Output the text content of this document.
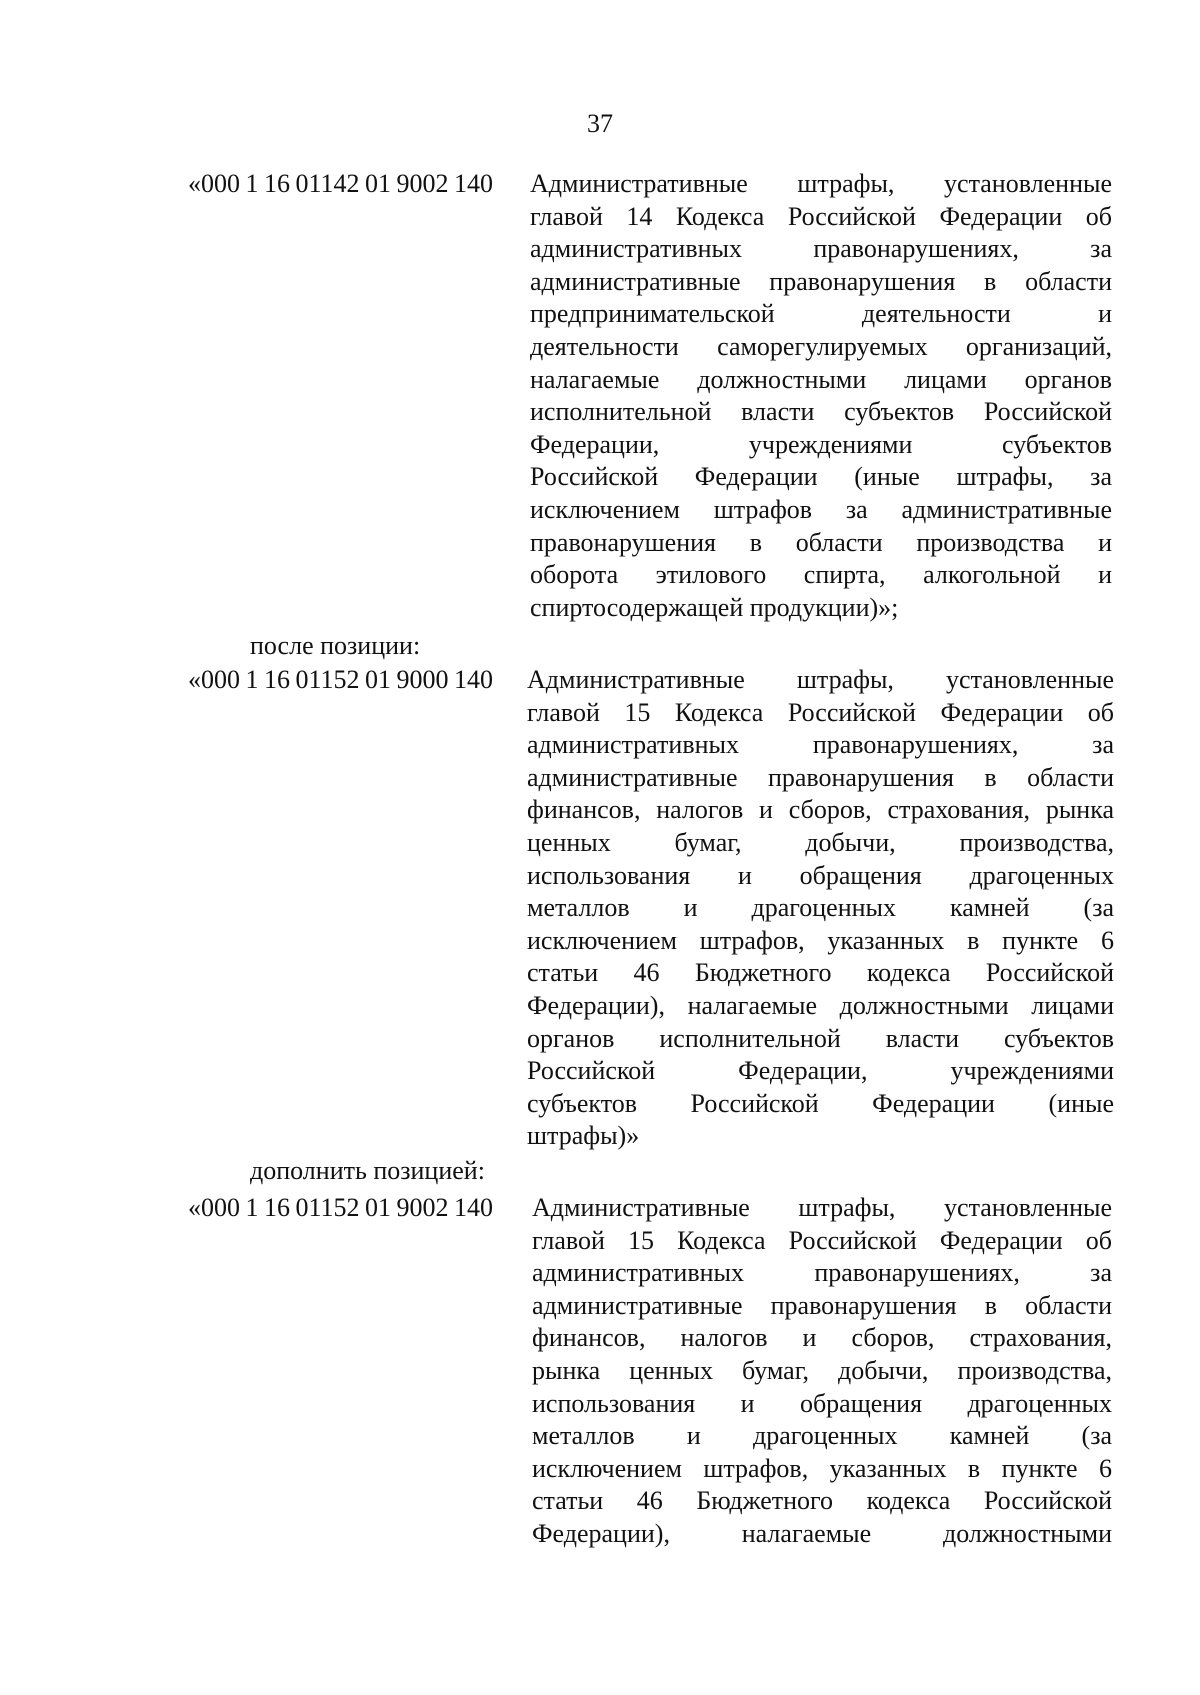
37
«000 1 16 01142 01 9002 140 Административные штрафы, установленные
главой 14 Кодекса Российской Федерации об
административных правонарушениях, за
административные правонарушения в области
предпринимательской деятельности и
деятельности саморегулируемых организаций,
налагаемые должностными лицами органов
исполнительной власти субъектов Российской
Федерации, учреждениями субъектов
Российской Федерации (иные штрафы, за
исключением штрафов за административные
правонарушения в области производства и
оборота этилового спирта, алкогольной и
спиртосодержащей продукции)»;
после позиции:
«000 1 16 01152 01 9000 140 Административные штрафы, установленные
главой 15 Кодекса Российской Федерации об
административных правонарушениях, за
административные правонарушения в области
финансов, налогов и сборов, страхования, рынка
ценных бумаг, добычи, производства,
использования и обращения драгоценных
металлов и драгоценных камней (за
исключением штрафов, указанных в пункте 6
статьи 46 Бюджетного кодекса Российской
Федерации), налагаемые должностными лицами
органов исполнительной власти субъектов
Российской Федерации, учреждениями
субъектов Российской Федерации (иные
штрафы)»
дополнить позицией:
«000 1 16 01152 01 9002 140 Административные штрафы, установленные
главой 15 Кодекса Российской Федерации об
административных правонарушениях, за
административные правонарушения в области
финансов, налогов и сборов, страхования,
рынка ценных бумаг, добычи, производства,
использования и обращения драгоценных
металлов и драгоценных камней (за
исключением штрафов, указанных в пункте 6
статьи 46 Бюджетного кодекса Российской
Федерации), налагаемые должностными
